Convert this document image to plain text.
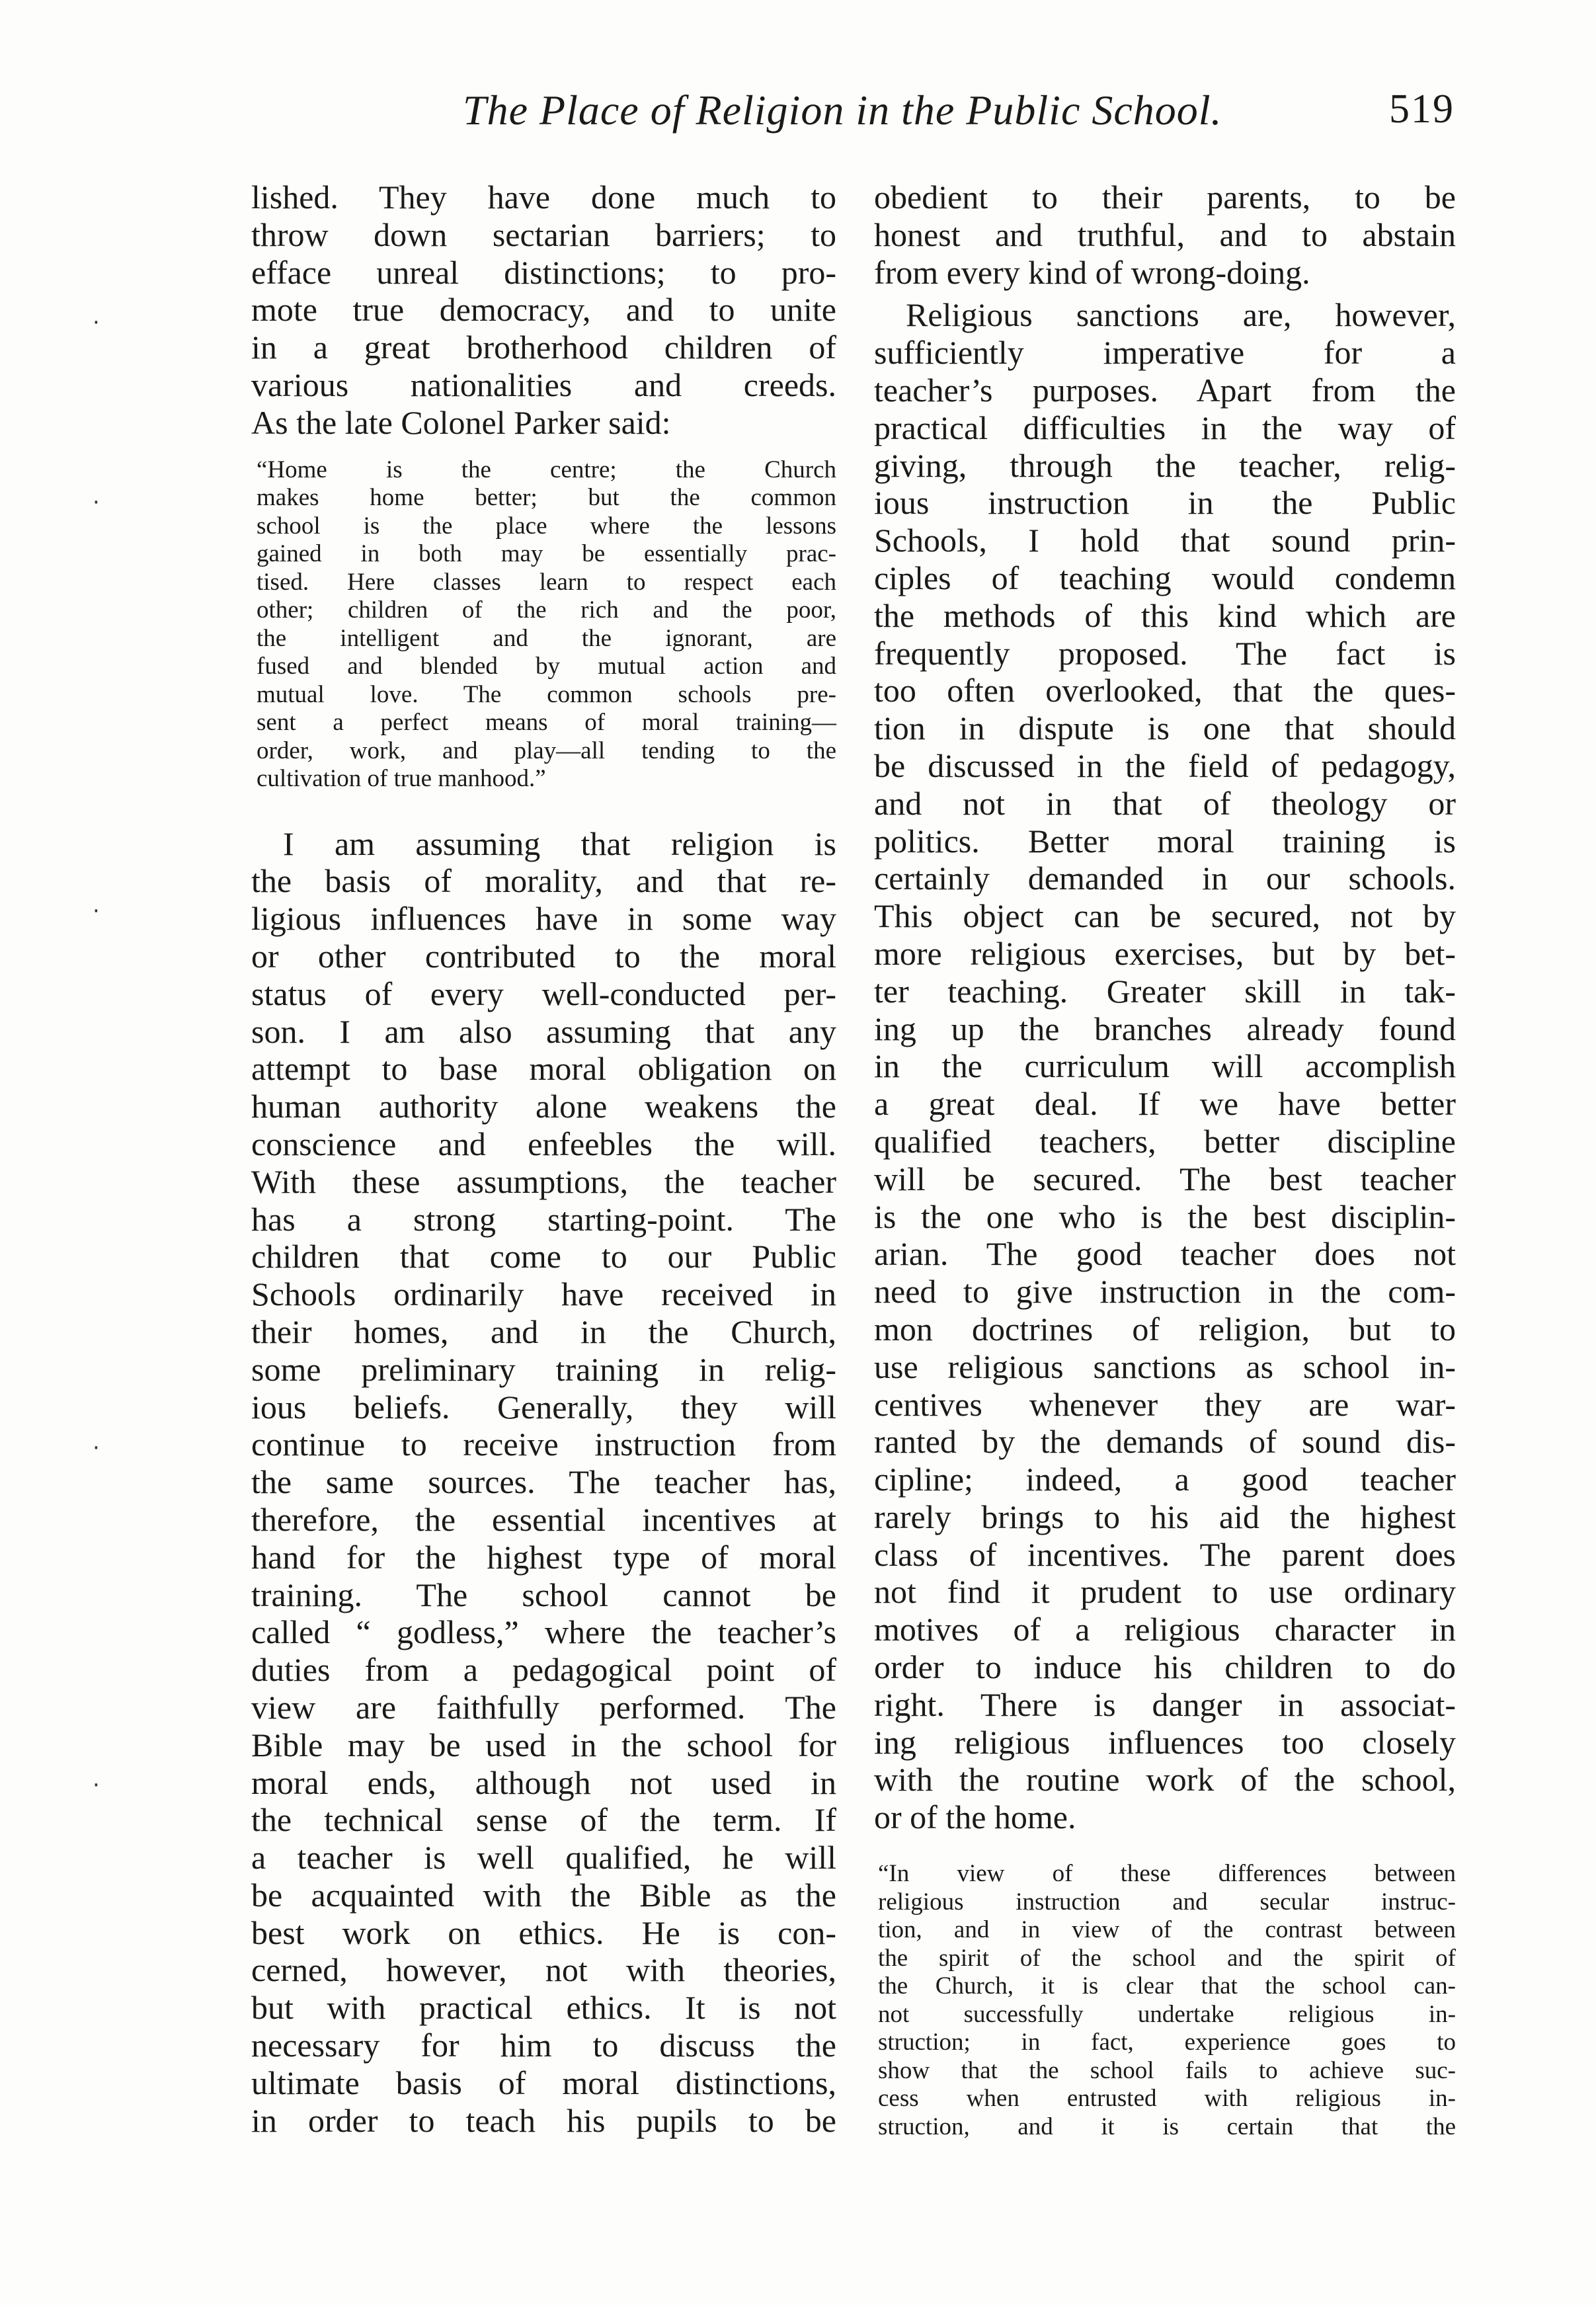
The Place of Religion in the Public School.	519
·
·
·
·
·
lished. They have done much to
throw down sectarian barriers; to
efface unreal distinctions; to pro-
mote true democracy, and to unite
in a great brotherhood children of
various nationalities and creeds.
As the late Colonel Parker said:
“Home is the centre; the Church
makes home better; but the common
school is the place where the lessons
gained in both may be essentially prac-
tised. Here classes learn to respect each
other; children of the rich and the poor,
the intelligent and the ignorant, are
fused and blended by mutual action and
mutual love. The common schools pre-
sent a perfect means of moral training—
order, work, and play—all tending to the
cultivation of true manhood.”
I am assuming that religion is
the basis of morality, and that re-
ligious influences have in some way
or other contributed to the moral
status of every well-conducted per-
son. I am also assuming that any
attempt to base moral obligation on
human authority alone weakens the
conscience and enfeebles the will.
With these assumptions, the teacher
has a strong starting-point. The
children that come to our Public
Schools ordinarily have received in
their homes, and in the Church,
some preliminary training in relig-
ious beliefs. Generally, they will
continue to receive instruction from
the same sources. The teacher has,
therefore, the essential incentives at
hand for the highest type of moral
training. The school cannot be
called “ godless,” where the teacher’s
duties from a pedagogical point of
view are faithfully performed. The
Bible may be used in the school for
moral ends, although not used in
the technical sense of the term. If
a teacher is well qualified, he will
be acquainted with the Bible as the
best work on ethics. He is con-
cerned, however, not with theories,
but with practical ethics. It is not
necessary for him to discuss the
ultimate basis of moral distinctions,
in order to teach his pupils to be
obedient to their parents, to be
honest and truthful, and to abstain
from every kind of wrong-doing.
Religious sanctions are, however,
sufficiently imperative for a
teacher’s purposes. Apart from the
practical difficulties in the way of
giving, through the teacher, relig-
ious instruction in the Public
Schools, I hold that sound prin-
ciples of teaching would condemn
the methods of this kind which are
frequently proposed. The fact is
too often overlooked, that the ques-
tion in dispute is one that should
be discussed in the field of pedagogy,
and not in that of theology or
politics. Better moral training is
certainly demanded in our schools.
This object can be secured, not by
more religious exercises, but by bet-
ter teaching. Greater skill in tak-
ing up the branches already found
in the curriculum will accomplish
a great deal. If we have better
qualified teachers, better discipline
will be secured. The best teacher
is the one who is the best disciplin-
arian. The good teacher does not
need to give instruction in the com-
mon doctrines of religion, but to
use religious sanctions as school in-
centives whenever they are war-
ranted by the demands of sound dis-
cipline; indeed, a good teacher
rarely brings to his aid the highest
class of incentives. The parent does
not find it prudent to use ordinary
motives of a religious character in
order to induce his children to do
right. There is danger in associat-
ing religious influences too closely
with the routine work of the school,
or of the home.
“In view of these differences between
religious instruction and secular instruc-
tion, and in view of the contrast between
the spirit of the school and the spirit of
the Church, it is clear that the school can-
not successfully undertake religious in-
struction; in fact, experience goes to
show that the school fails to achieve suc-
cess when entrusted with religious in-
struction, and it is certain that the
